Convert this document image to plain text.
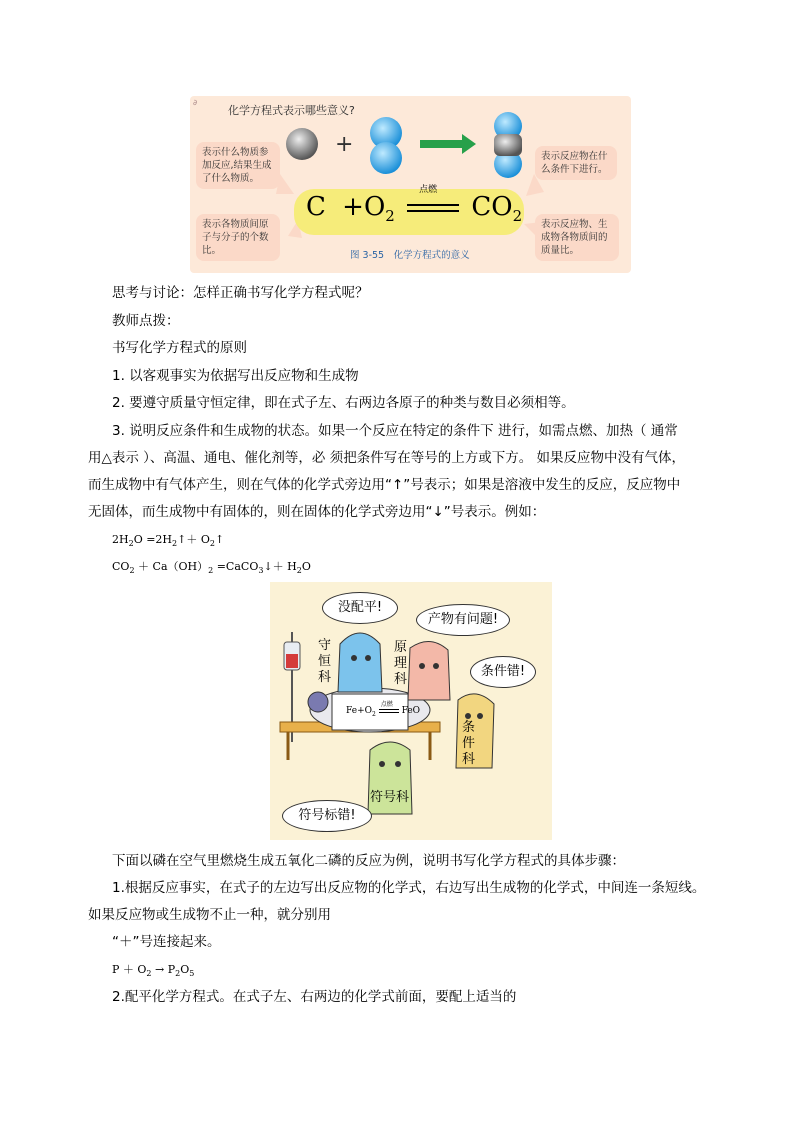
∂
化学方程式表示哪些意义?
+
表示什么物质参加反应,结果生成了什么物质。
表示各物质间原子与分子的个数比。
表示反应物在什么条件下进行。
表示反应物、生成物各物质间的质量比。
$C +O_2$
点燃
$CO_2$
图 3-55　化学方程式的意义
思考与讨论：怎样正确书写化学方程式呢？
教师点拨：
书写化学方程式的原则
1. 以客观事实为依据写出反应物和生成物
2. 要遵守质量守恒定律，即在式子左、右两边各原子的种类与数目必须相等。
3. 说明反应条件和生成物的状态。如果一个反应在特定的条件下 进行，如需点燃、加热（ 通常
用△表示 ）、高温、通电、催化剂等，必 须把条件写在等号的上方或下方。 如果反应物中没有气体，
而生成物中有气体产生，则在气体的化学式旁边用“↑”号表示；如果是溶液中发生的反应，反应物中
无固体，而生成物中有固体的，则在固体的化学式旁边用“↓”号表示。例如：
$2H_2O$ $=2H_2↑+$ $O_2↑$
$CO_2 + Ca(OH)_2$ =CaCO$_3$↓＋ $H_2O$
没配平!
产物有问题!
条件错!
符号标错!
守恒科
原理科
条件科
符号科
$Fe+O_2$
点燃
FeO
下面以磷在空气里燃烧生成五氧化二磷的反应为例，说明书写化学方程式的具体步骤：
1.根据反应事实，在式子的左边写出反应物的化学式，右边写出生成物的化学式，中间连一条短线。
如果反应物或生成物不止一种，就分别用
“＋”号连接起来。
$P + O_2 \to P_2O_5$
2.配平化学方程式。在式子左、右两边的化学式前面，要配上适当的
